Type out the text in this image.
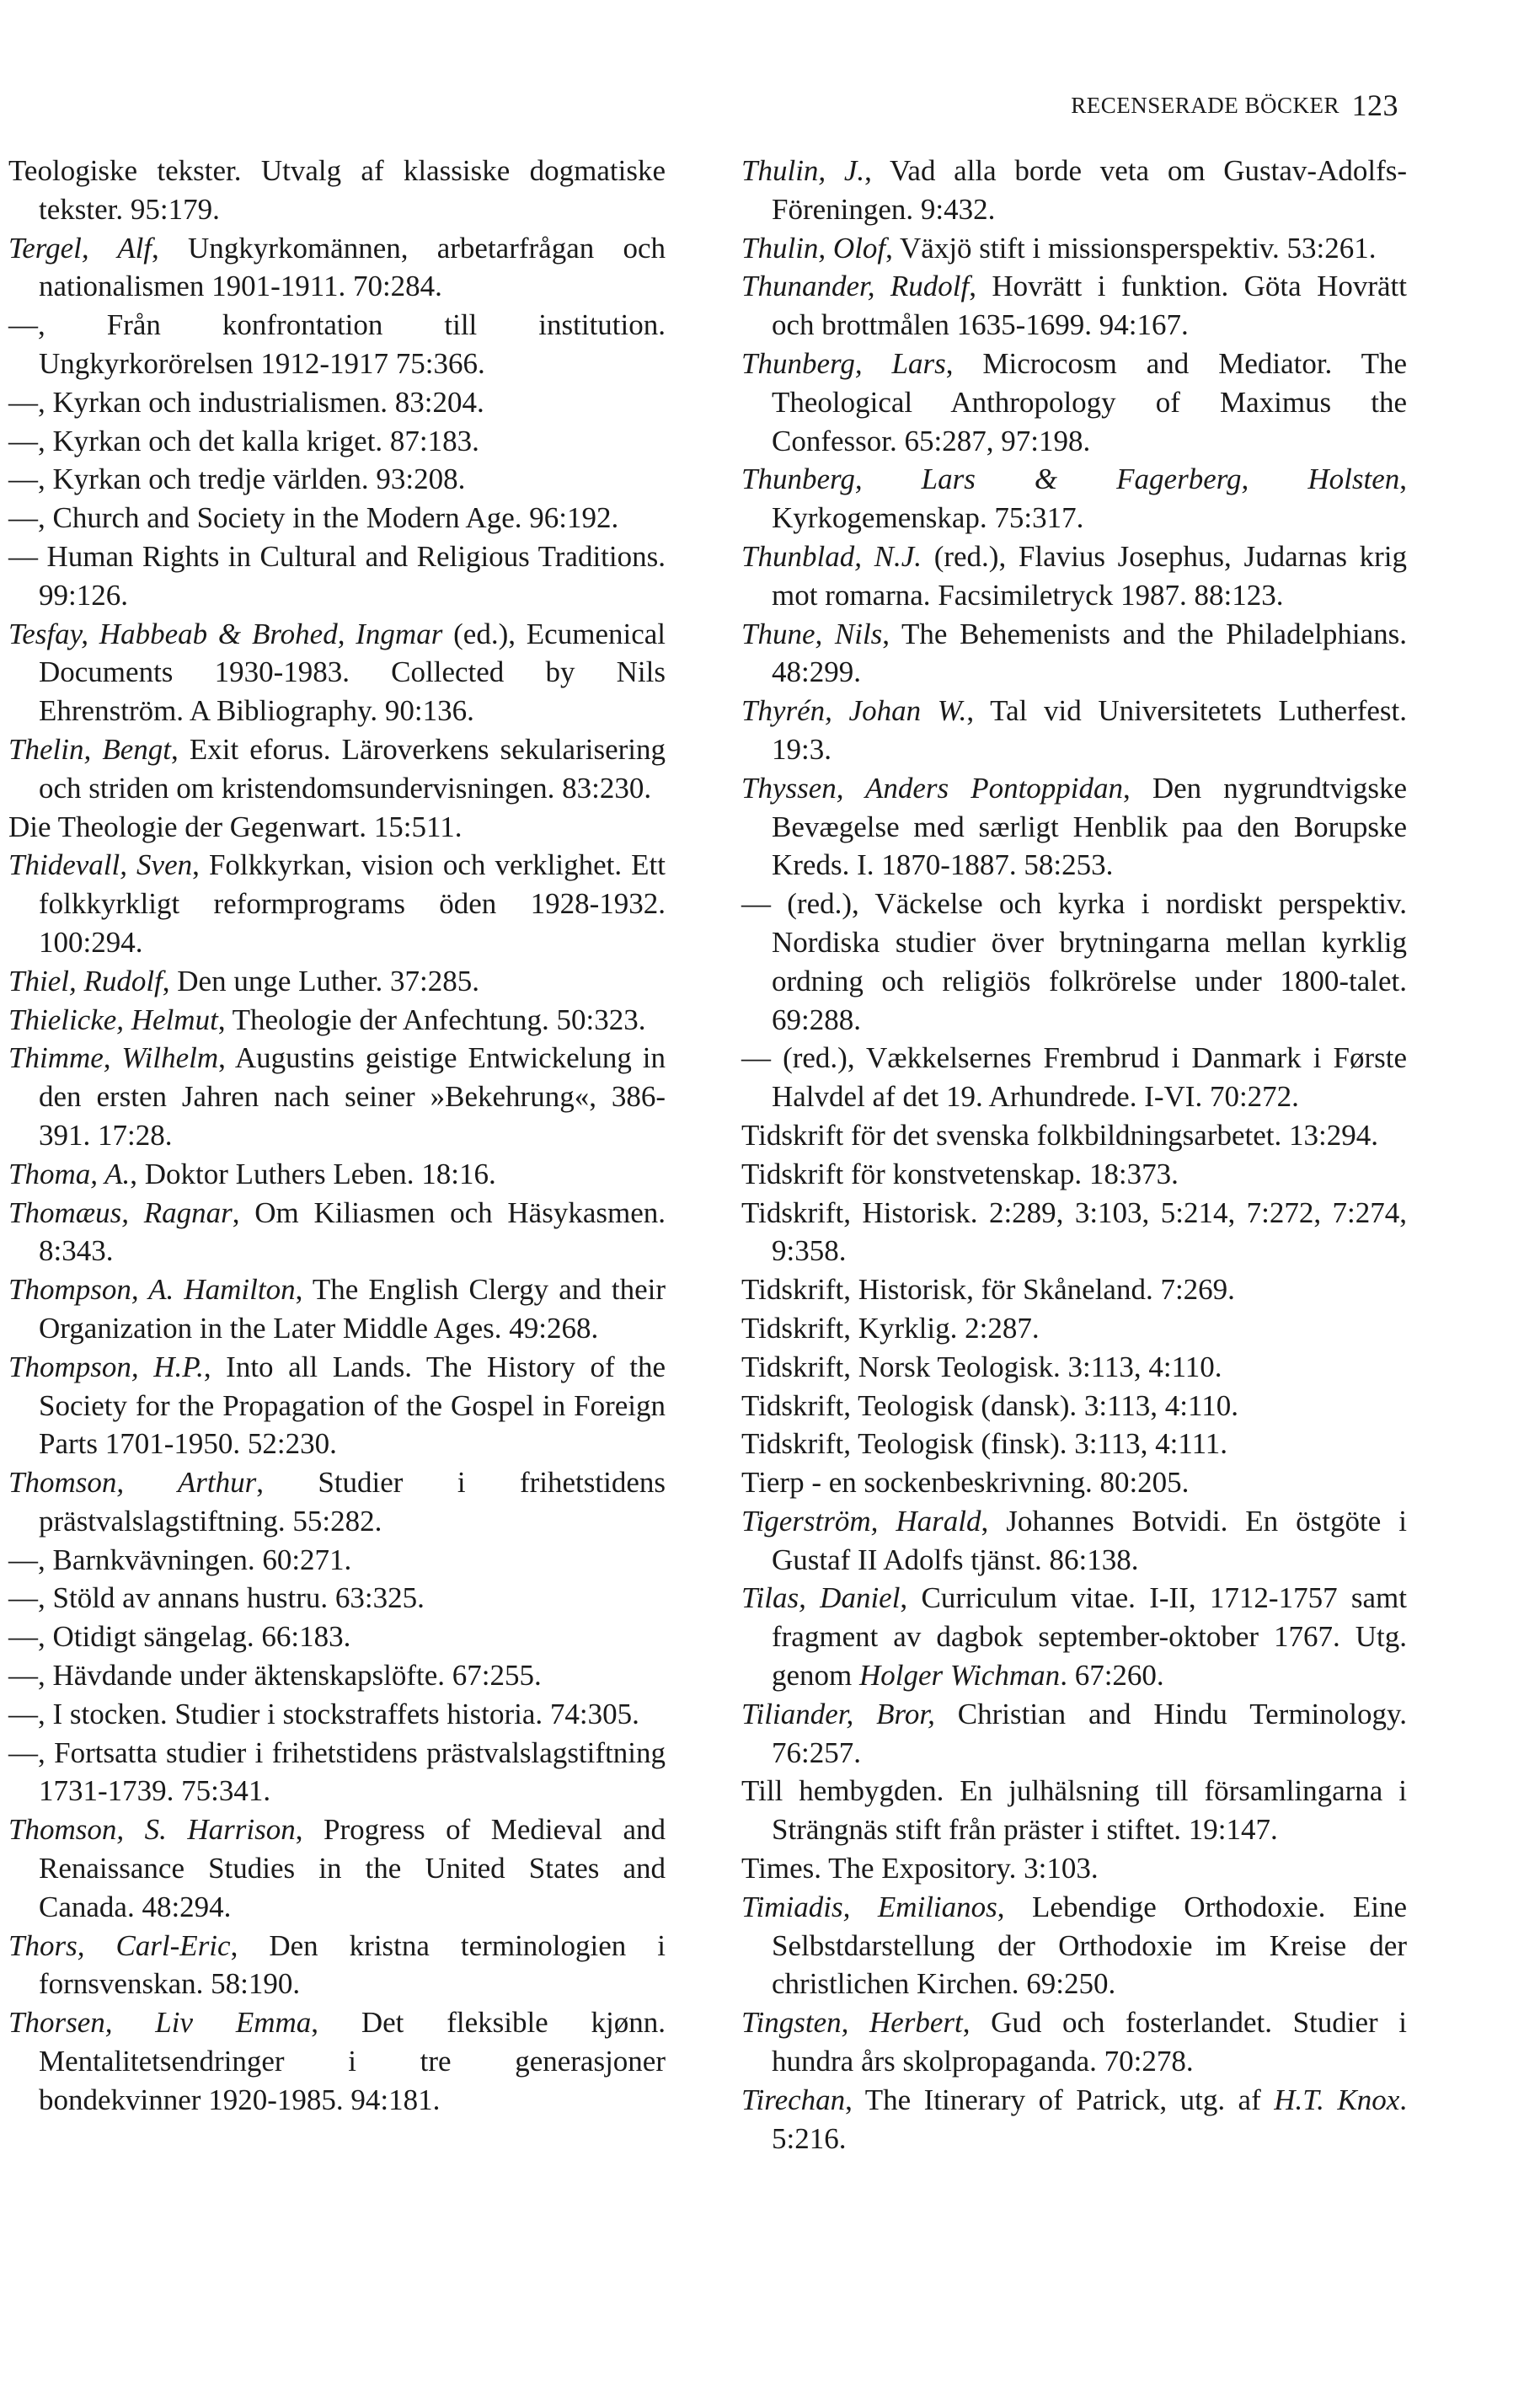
RECENSERADE BÖCKER 123

Teologiske tekster. Utvalg af klassiske dogmatiske tekster. 95:179.

Tergel, Alf, Ungkyrkomännen, arbetarfrågan och nationalismen 1901-1911. 70:284.

—, Från konfrontation till institution. Ungkyrkorörelsen 1912-1917 75:366.

—, Kyrkan och industrialismen. 83:204.

—, Kyrkan och det kalla kriget. 87:183.

—, Kyrkan och tredje världen. 93:208.

—, Church and Society in the Modern Age. 96:192.

— Human Rights in Cultural and Religious Traditions. 99:126.

Tesfay, Habbeab & Brohed, Ingmar (ed.), Ecumenical Documents 1930-1983. Collected by Nils Ehrenström. A Bibliography. 90:136.

Thelin, Bengt, Exit eforus. Läroverkens sekularisering och striden om kristendomsundervisningen. 83:230.

Die Theologie der Gegenwart. 15:511.

Thidevall, Sven, Folkkyrkan, vision och verklighet. Ett folkkyrkligt reformprograms öden 1928-1932. 100:294.

Thiel, Rudolf, Den unge Luther. 37:285.

Thielicke, Helmut, Theologie der Anfechtung. 50:323.

Thimme, Wilhelm, Augustins geistige Entwickelung in den ersten Jahren nach seiner »Bekehrung«, 386-391. 17:28.

Thoma, A., Doktor Luthers Leben. 18:16.

Thomæus, Ragnar, Om Kiliasmen och Häsykasmen. 8:343.

Thompson, A. Hamilton, The English Clergy and their Organization in the Later Middle Ages. 49:268.

Thompson, H.P., Into all Lands. The History of the Society for the Propagation of the Gospel in Foreign Parts 1701-1950. 52:230.

Thomson, Arthur, Studier i frihetstidens prästvalslagstiftning. 55:282.

—, Barnkvävningen. 60:271.

—, Stöld av annans hustru. 63:325.

—, Otidigt sängelag. 66:183.

—, Hävdande under äktenskapslöfte. 67:255.

—, I stocken. Studier i stockstraffets historia. 74:305.

—, Fortsatta studier i frihetstidens prästvalslagstiftning 1731-1739. 75:341.

Thomson, S. Harrison, Progress of Medieval and Renaissance Studies in the United States and Canada. 48:294.

Thors, Carl-Eric, Den kristna terminologien i fornsvenskan. 58:190.

Thorsen, Liv Emma, Det fleksible kjønn. Mentalitetsendringer i tre generasjoner bondekvinner 1920-1985. 94:181.

Thulin, J., Vad alla borde veta om Gustav-Adolfs-Föreningen. 9:432.

Thulin, Olof, Växjö stift i missionsperspektiv. 53:261.

Thunander, Rudolf, Hovrätt i funktion. Göta Hovrätt och brottmålen 1635-1699. 94:167.

Thunberg, Lars, Microcosm and Mediator. The Theological Anthropology of Maximus the Confessor. 65:287, 97:198.

Thunberg, Lars & Fagerberg, Holsten, Kyrkogemenskap. 75:317.

Thunblad, N.J. (red.), Flavius Josephus, Judarnas krig mot romarna. Facsimiletryck 1987. 88:123.

Thune, Nils, The Behemenists and the Philadelphians. 48:299.

Thyrén, Johan W., Tal vid Universitetets Lutherfest. 19:3.

Thyssen, Anders Pontoppidan, Den nygrundtvigske Bevægelse med særligt Henblik paa den Borupske Kreds. I. 1870-1887. 58:253.

— (red.), Väckelse och kyrka i nordiskt perspektiv. Nordiska studier över brytningarna mellan kyrklig ordning och religiös folkrörelse under 1800-talet. 69:288.

— (red.), Vækkelsernes Frembrud i Danmark i Første Halvdel af det 19. Arhundrede. I-VI. 70:272.

Tidskrift för det svenska folkbildningsarbetet. 13:294.

Tidskrift för konstvetenskap. 18:373.

Tidskrift, Historisk. 2:289, 3:103, 5:214, 7:272, 7:274, 9:358.

Tidskrift, Historisk, för Skåneland. 7:269.

Tidskrift, Kyrklig. 2:287.

Tidskrift, Norsk Teologisk. 3:113, 4:110.

Tidskrift, Teologisk (dansk). 3:113, 4:110.

Tidskrift, Teologisk (finsk). 3:113, 4:111.

Tierp - en sockenbeskrivning. 80:205.

Tigerström, Harald, Johannes Botvidi. En östgöte i Gustaf II Adolfs tjänst. 86:138.

Tilas, Daniel, Curriculum vitae. I-II, 1712-1757 samt fragment av dagbok september-oktober 1767. Utg. genom Holger Wichman. 67:260.

Tiliander, Bror, Christian and Hindu Terminology. 76:257.

Till hembygden. En julhälsning till församlingarna i Strängnäs stift från präster i stiftet. 19:147.

Times. The Expository. 3:103.

Timiadis, Emilianos, Lebendige Orthodoxie. Eine Selbstdarstellung der Orthodoxie im Kreise der christlichen Kirchen. 69:250.

Tingsten, Herbert, Gud och fosterlandet. Studier i hundra års skolpropaganda. 70:278.

Tirechan, The Itinerary of Patrick, utg. af H.T. Knox. 5:216.
